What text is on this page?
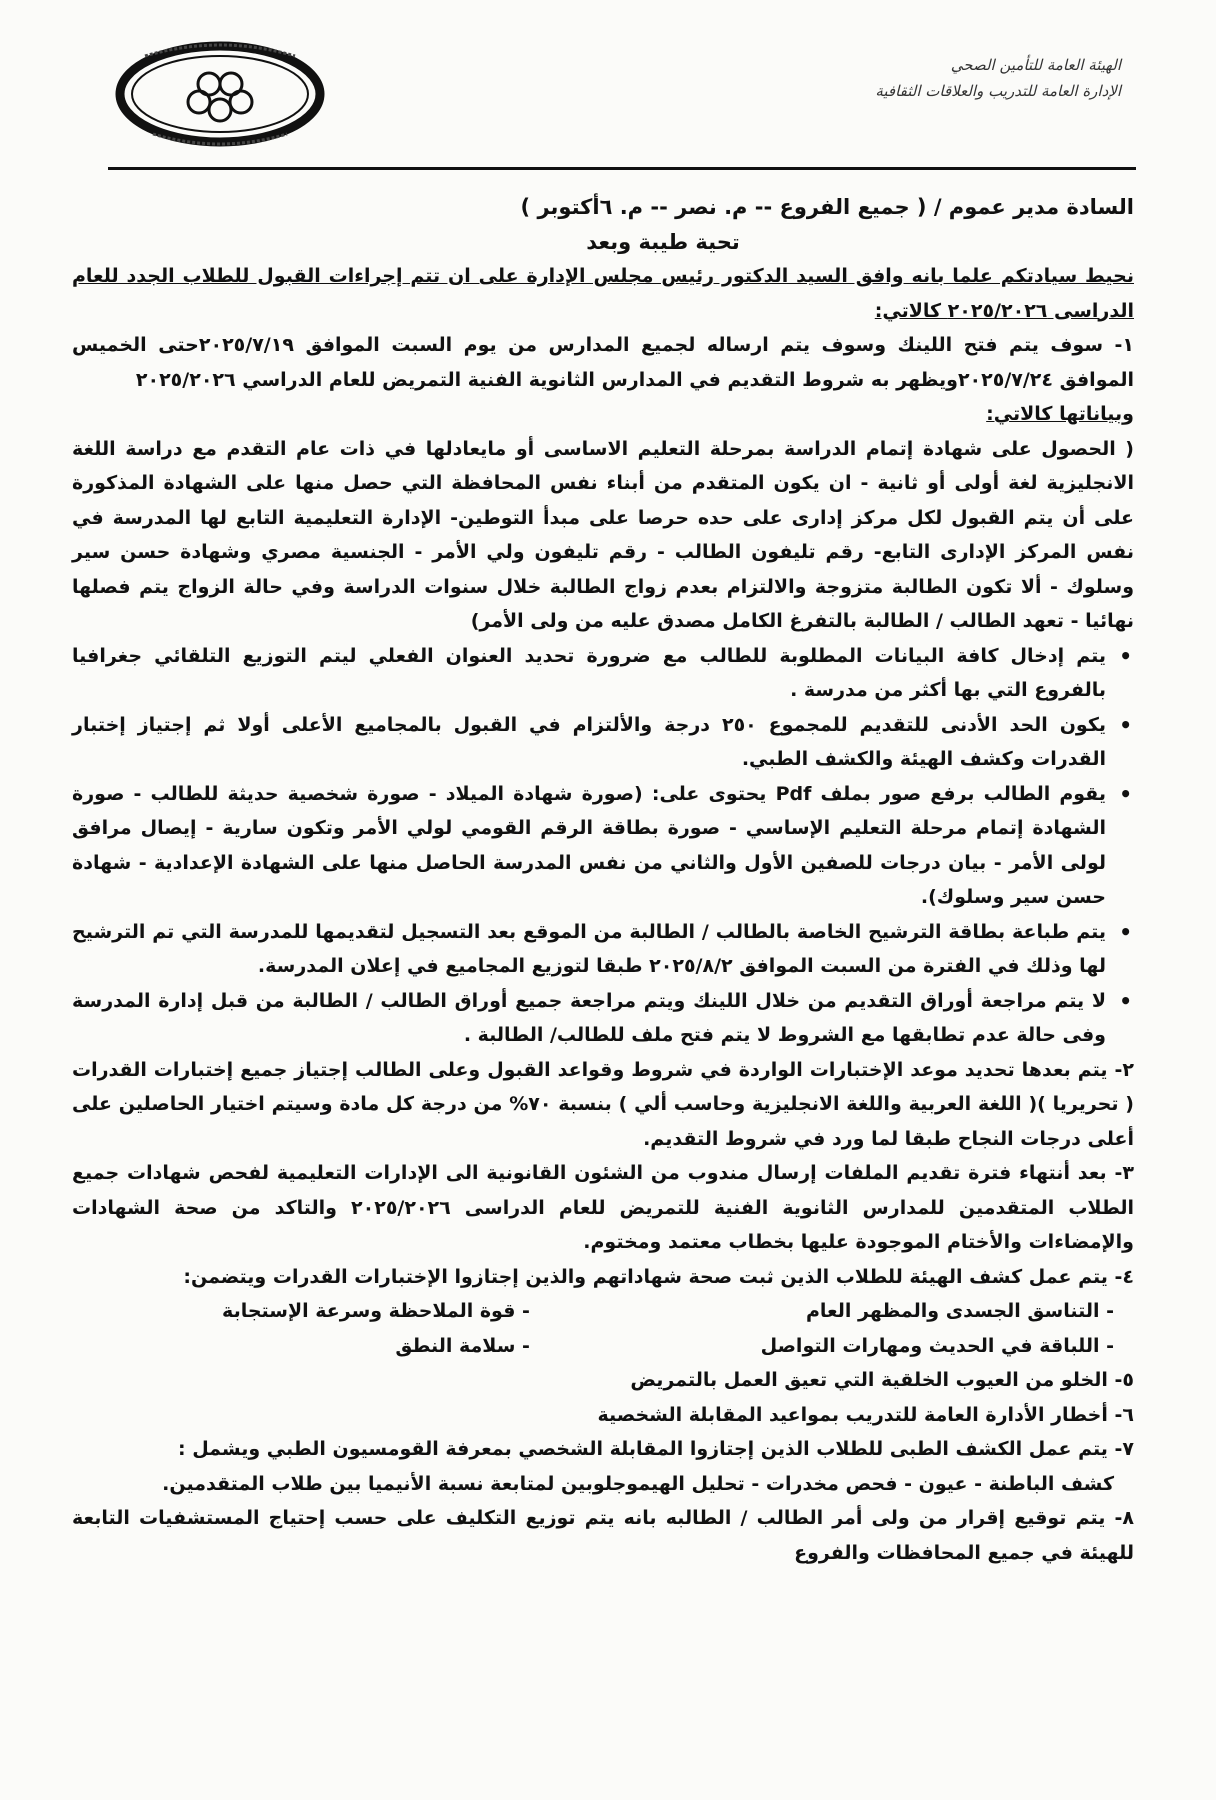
الهيئة العامة للتأمين الصحي
الإدارة العامة للتدريب والعلاقات الثقافية

السادة مدير عموم / ( جميع الفروع -- م. نصر -- م. ٦أكتوبر )

تحية طيبة وبعد

نحيط سيادتكم علما بانه وافق السيد الدكتور رئيس مجلس الإدارة على ان تتم إجراءات القبول للطلاب الجدد للعام الدراسى ٢٠٢٥/٢٠٢٦ كالاتي:

١- سوف يتم فتح اللينك وسوف يتم ارساله لجميع المدارس من يوم السبت الموافق ٢٠٢٥/٧/١٩حتى الخميس الموافق ٢٠٢٥/٧/٢٤ويظهر به شروط التقديم في المدارس الثانوية الفنية التمريض للعام الدراسي ٢٠٢٥/٢٠٢٦

وبياناتها كالاتي:

( الحصول على شهادة إتمام الدراسة بمرحلة التعليم الاساسى أو مايعادلها في ذات عام التقدم مع دراسة اللغة الانجليزية لغة أولى أو ثانية - ان يكون المتقدم من أبناء نفس المحافظة التي حصل منها على الشهادة المذكورة على أن يتم القبول لكل مركز إدارى على حده حرصا على مبدأ التوطين- الإدارة التعليمية التابع لها المدرسة في نفس المركز الإدارى التابع- رقم تليفون الطالب - رقم تليفون ولي الأمر - الجنسية مصري وشهادة حسن سير وسلوك - ألا تكون الطالبة متزوجة والالتزام بعدم زواج الطالبة خلال سنوات الدراسة وفي حالة الزواج يتم فصلها نهائيا - تعهد الطالب / الطالبة بالتفرغ الكامل مصدق عليه من ولى الأمر)

• يتم إدخال كافة البيانات المطلوبة للطالب مع ضرورة تحديد العنوان الفعلي ليتم التوزيع التلقائي جغرافيا بالفروع التي بها أكثر من مدرسة .

• يكون الحد الأدنى للتقديم للمجموع ٢٥٠ درجة والألتزام في القبول بالمجاميع الأعلى أولا ثم إجتياز إختبار القدرات وكشف الهيئة والكشف الطبي.

• يقوم الطالب برفع صور بملف Pdf يحتوى على: (صورة شهادة الميلاد - صورة شخصية حديثة للطالب - صورة الشهادة إتمام مرحلة التعليم الإساسي - صورة بطاقة الرقم القومي لولي الأمر وتكون سارية - إيصال مرافق لولى الأمر - بيان درجات للصفين الأول والثاني من نفس المدرسة الحاصل منها على الشهادة الإعدادية - شهادة حسن سير وسلوك).

• يتم طباعة بطاقة الترشيح الخاصة بالطالب / الطالبة من الموقع بعد التسجيل لتقديمها للمدرسة التي تم الترشيح لها وذلك في الفترة من السبت الموافق ٢٠٢٥/٨/٢ طبقا لتوزيع المجاميع في إعلان المدرسة.

• لا يتم مراجعة أوراق التقديم من خلال اللينك ويتم مراجعة جميع أوراق الطالب / الطالبة من قبل إدارة المدرسة وفى حالة عدم تطابقها مع الشروط لا يتم فتح ملف للطالب/ الطالبة .

٢- يتم بعدها تحديد موعد الإختبارات الواردة في شروط وقواعد القبول وعلى الطالب إجتياز جميع إختبارات القدرات ( تحريريا )( اللغة العربية واللغة الانجليزية وحاسب ألي ) بنسبة ٧٠% من درجة كل مادة وسيتم اختيار الحاصلين على أعلى درجات النجاح طبقا لما ورد في شروط التقديم.

٣- بعد أنتهاء فترة تقديم الملفات إرسال مندوب من الشئون القانونية الى الإدارات التعليمية لفحص شهادات جميع الطلاب المتقدمين للمدارس الثانوية الفنية للتمريض للعام الدراسى ٢٠٢٥/٢٠٢٦ والتاكد من صحة الشهادات والإمضاءات والأختام الموجودة عليها بخطاب معتمد ومختوم.

٤- يتم عمل كشف الهيئة للطلاب الذين ثبت صحة شهاداتهم والذين إجتازوا الإختبارات القدرات ويتضمن:

- التناسق الجسدى والمظهر العام
- قوة الملاحظة وسرعة الإستجابة
- اللباقة في الحديث ومهارات التواصل
- سلامة النطق

٥- الخلو من العيوب الخلقية التي تعيق العمل بالتمريض

٦- أخطار الأدارة العامة للتدريب بمواعيد المقابلة الشخصية

٧- يتم عمل الكشف الطبى للطلاب الذين إجتازوا المقابلة الشخصي بمعرفة القومسيون الطبي ويشمل :

كشف الباطنة - عيون - فحص مخدرات - تحليل الهيموجلوبين لمتابعة نسبة الأنيميا بين طلاب المتقدمين.

٨- يتم توقيع إقرار من ولى أمر الطالب / الطالبه بانه يتم توزيع التكليف على حسب إحتياج المستشفيات التابعة للهيئة في جميع المحافظات والفروع
